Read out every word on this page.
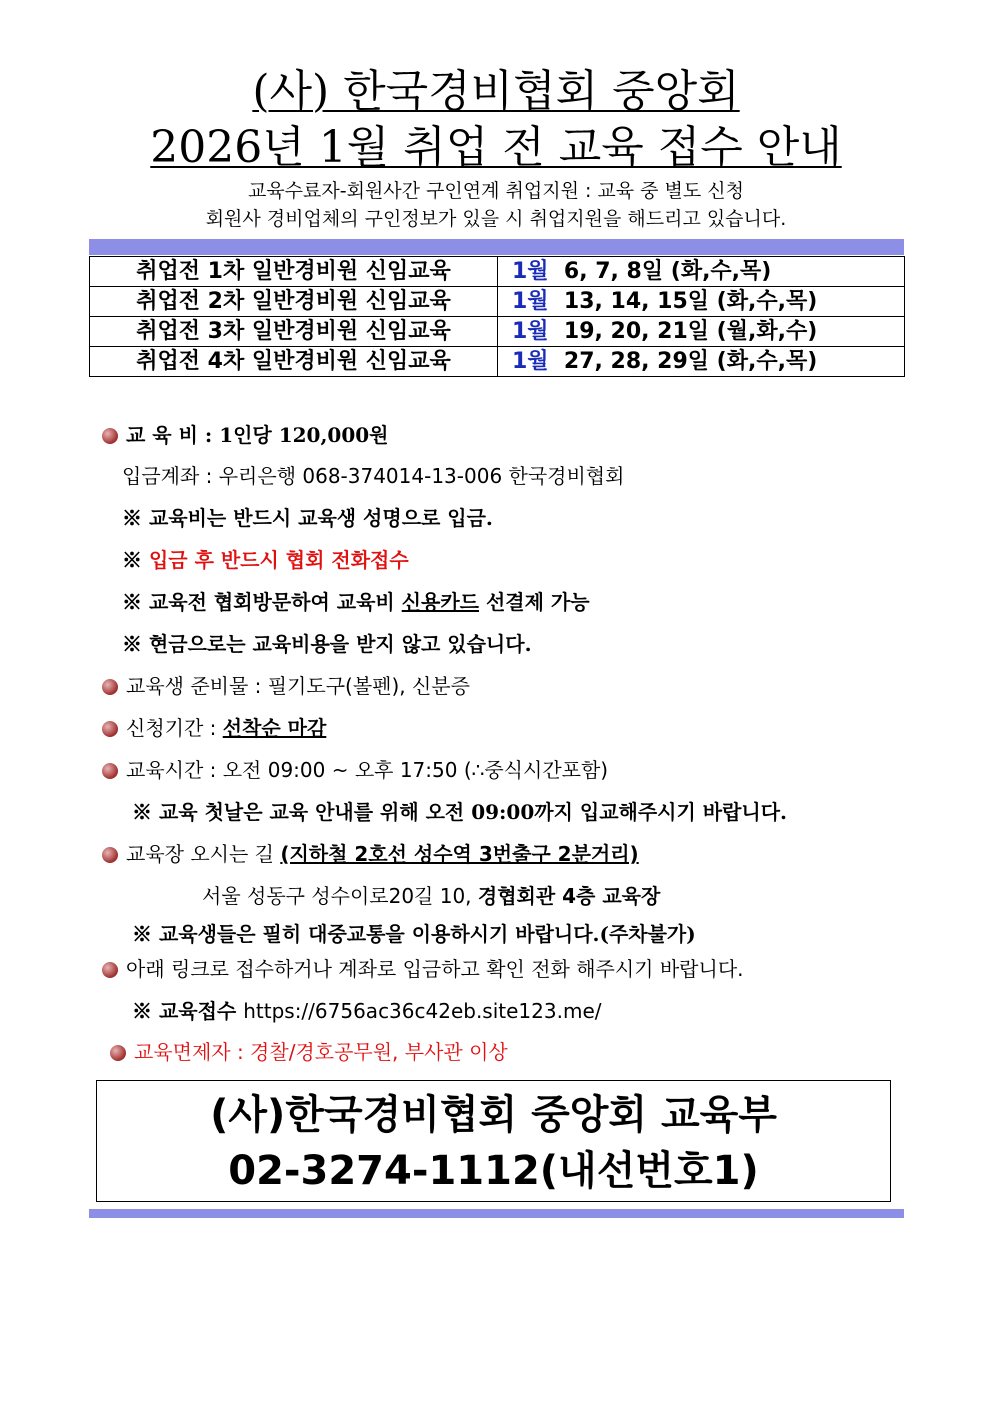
(사) 한국경비협회 중앙회
2026년 1월 취업 전 교육 접수 안내
교육수료자-회원사간 구인연계 취업지원 : 교육 중 별도 신청
회원사 경비업체의 구인정보가 있을 시 취업지원을 해드리고 있습니다.
취업전 1차 일반경비원 신임교육	1월 6, 7, 8일 (화,수,목)
취업전 2차 일반경비원 신임교육	1월 13, 14, 15일 (화,수,목)
취업전 3차 일반경비원 신임교육	1월 19, 20, 21일 (월,화,수)
취업전 4차 일반경비원 신임교육	1월 27, 28, 29일 (화,수,목)
교 육 비 : 1인당 120,000원
입금계좌 : 우리은행 068-374014-13-006 한국경비협회
※ 교육비는 반드시 교육생 성명으로 입금.
※ 입금 후 반드시 협회 전화접수
※ 교육전 협회방문하여 교육비 신용카드 선결제 가능
※ 현금으로는 교육비용을 받지 않고 있습니다.
교육생 준비물 : 필기도구(볼펜), 신분증
신청기간 : 선착순 마감
교육시간 : 오전 09:00 ~ 오후 17:50 (∴중식시간포함)
※ 교육 첫날은 교육 안내를 위해 오전 09:00까지 입교해주시기 바랍니다.
교육장 오시는 길 (지하철 2호선 성수역 3번출구 2분거리)
서울 성동구 성수이로20길 10, 경협회관 4층 교육장
※ 교육생들은 필히 대중교통을 이용하시기 바랍니다.(주차불가)
아래 링크로 접수하거나 계좌로 입금하고 확인 전화 해주시기 바랍니다.
※ 교육접수 https://6756ac36c42eb.site123.me/
교육면제자 : 경찰/경호공무원, 부사관 이상
(사)한국경비협회 중앙회 교육부
02-3274-1112(내선번호1)
